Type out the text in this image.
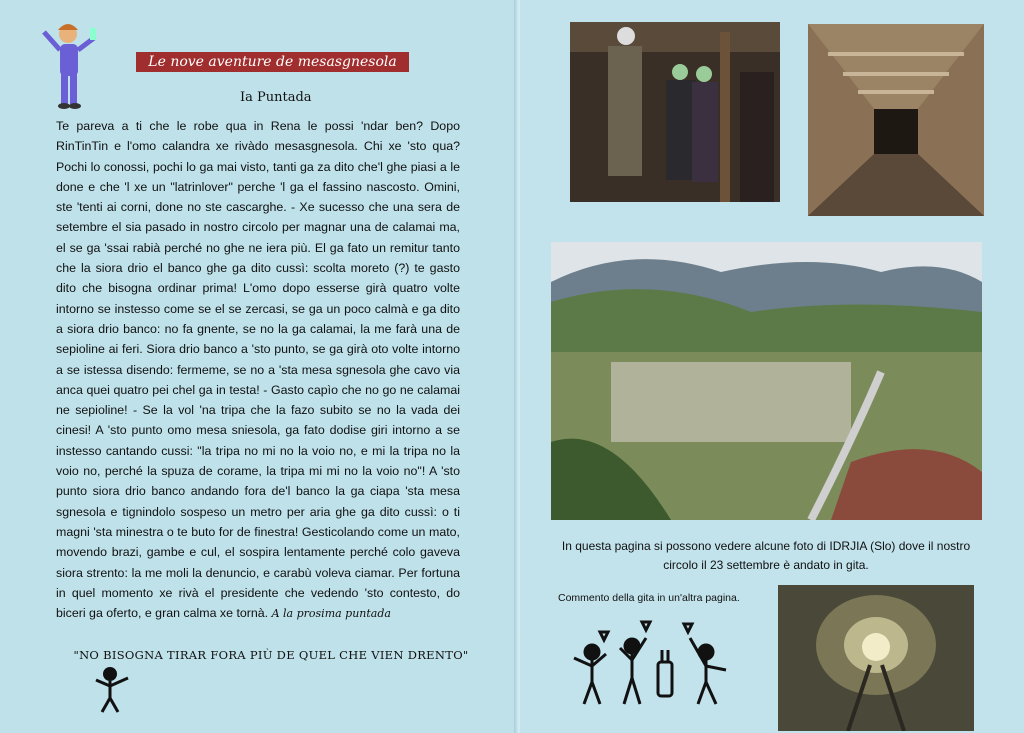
Le nove aventure de mesasgnesola
Ia Puntada

Te pareva a ti che le robe qua in Rena le possi 'ndar ben? Dopo RinTinTin e l'omo calandra xe rivàdo mesasgnesola. Chi xe 'sto qua? Pochi lo conossi, pochi lo ga mai visto, tanti ga za dito che'l ghe piasi a le done e che 'l xe un "latrinlover" perche 'l ga el fassino nascosto. Omini, ste 'tenti ai corni, done no ste cascarghe. - Xe sucesso che una sera de setembre el sia pasado in nostro circolo per magnar una de calamai ma, el se ga 'ssai rabià perché no ghe ne iera più. El ga fato un remitur tanto che la siora drio el banco ghe ga dito cussì: scolta moreto (?) te gasto dito che bisogna ordinar prima! L'omo dopo esserse girà quatro volte intorno se instesso come se el se zercasi, se ga un poco calmà e ga dito a siora drio banco: no fa gnente, se no la ga calamai, la me farà una de sepioline ai feri. Siora drio banco a 'sto punto, se ga girà oto volte intorno a se istessa disendo: fermeme, se no a 'sta mesa sgnesola ghe cavo via anca quei quatro pei chel ga in testa! - Gasto capìo che no go ne calamai ne sepioline! - Se la vol 'na tripa che la fazo subito se no la vada dei cinesi! A 'sto punto omo mesa sniesola, ga fato dodise giri intorno a se instesso cantando cussi: "la tripa no mi no la voio no, e mi la tripa no la voio no, perché la spuza de corame, la tripa mi mi no la voio no"! A 'sto punto siora drio banco andando fora de'l banco la ga ciapa 'sta mesa sgnesola e tignindolo sospeso un metro per aria ghe ga dito cussì: o ti magni 'sta minestra o te buto for de finestra! Gesticolando come un mato, movendo brazi, gambe e cul, el sospira lentamente perché colo gaveva siora strento: la me moli la denuncio, e carabù voleva ciamar. Per fortuna in quel momento xe rivà el presidente che vedendo 'sto contesto, do biceri ga oferto, e gran calma xe tornà. A la prosima puntada

"NO BISOGNA TIRAR FORA PIÙ DE QUEL CHE VIEN DRENTO"
In questa pagina si possono vedere alcune foto di IDRJIA (Slo) dove il nostro circolo il 23 settembre è andato in gita.
Commento della gita in un'altra pagina.
